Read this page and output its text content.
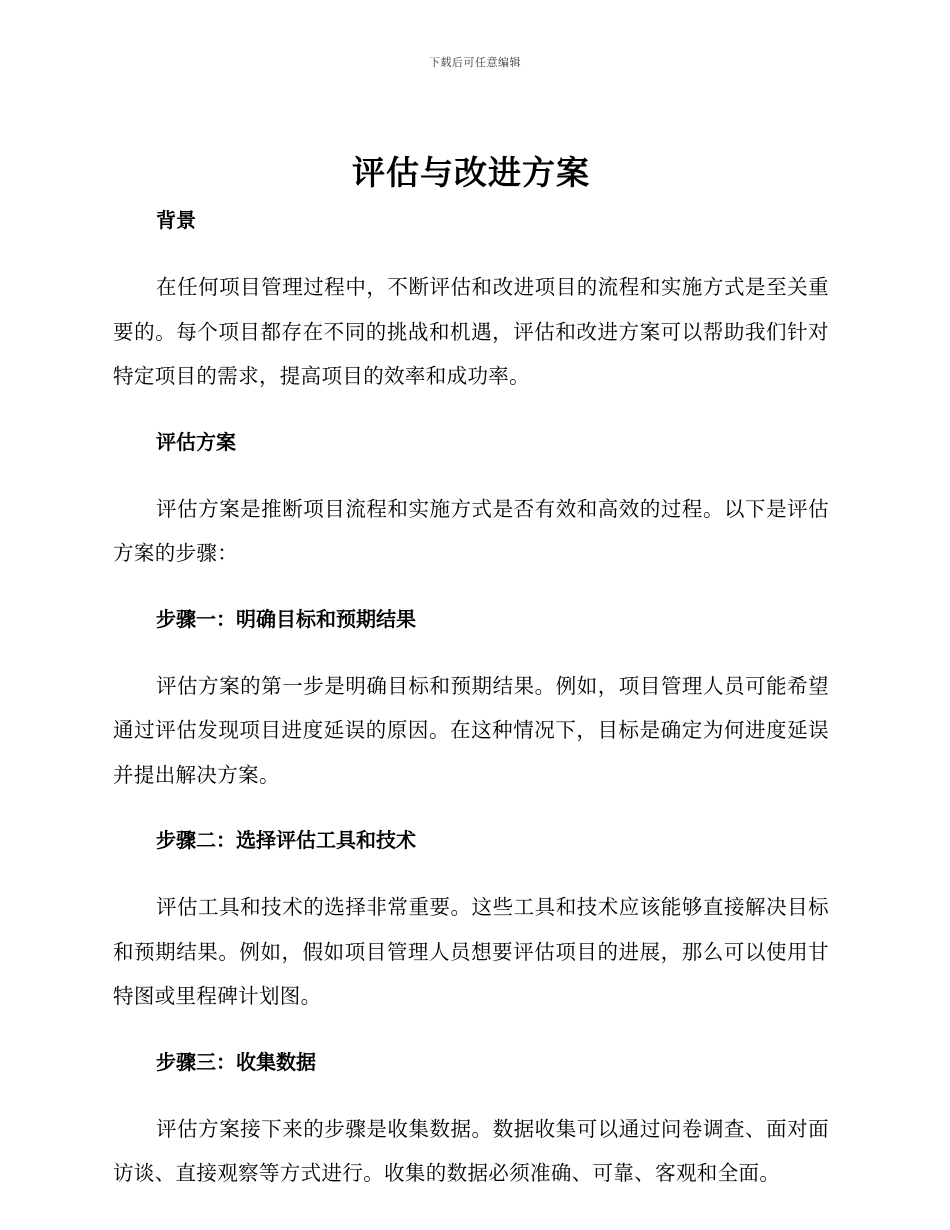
下载后可任意编辑
评估与改进方案
背景

在任何项目管理过程中，不断评估和改进项目的流程和实施方式是至关重要的。每个项目都存在不同的挑战和机遇，评估和改进方案可以帮助我们针对特定项目的需求，提高项目的效率和成功率。

评估方案

评估方案是推断项目流程和实施方式是否有效和高效的过程。以下是评估方案的步骤：

步骤一：明确目标和预期结果

评估方案的第一步是明确目标和预期结果。例如，项目管理人员可能希望通过评估发现项目进度延误的原因。在这种情况下，目标是确定为何进度延误并提出解决方案。

步骤二：选择评估工具和技术

评估工具和技术的选择非常重要。这些工具和技术应该能够直接解决目标和预期结果。例如，假如项目管理人员想要评估项目的进展，那么可以使用甘特图或里程碑计划图。

步骤三：收集数据

评估方案接下来的步骤是收集数据。数据收集可以通过问卷调查、面对面访谈、直接观察等方式进行。收集的数据必须准确、可靠、客观和全面。
